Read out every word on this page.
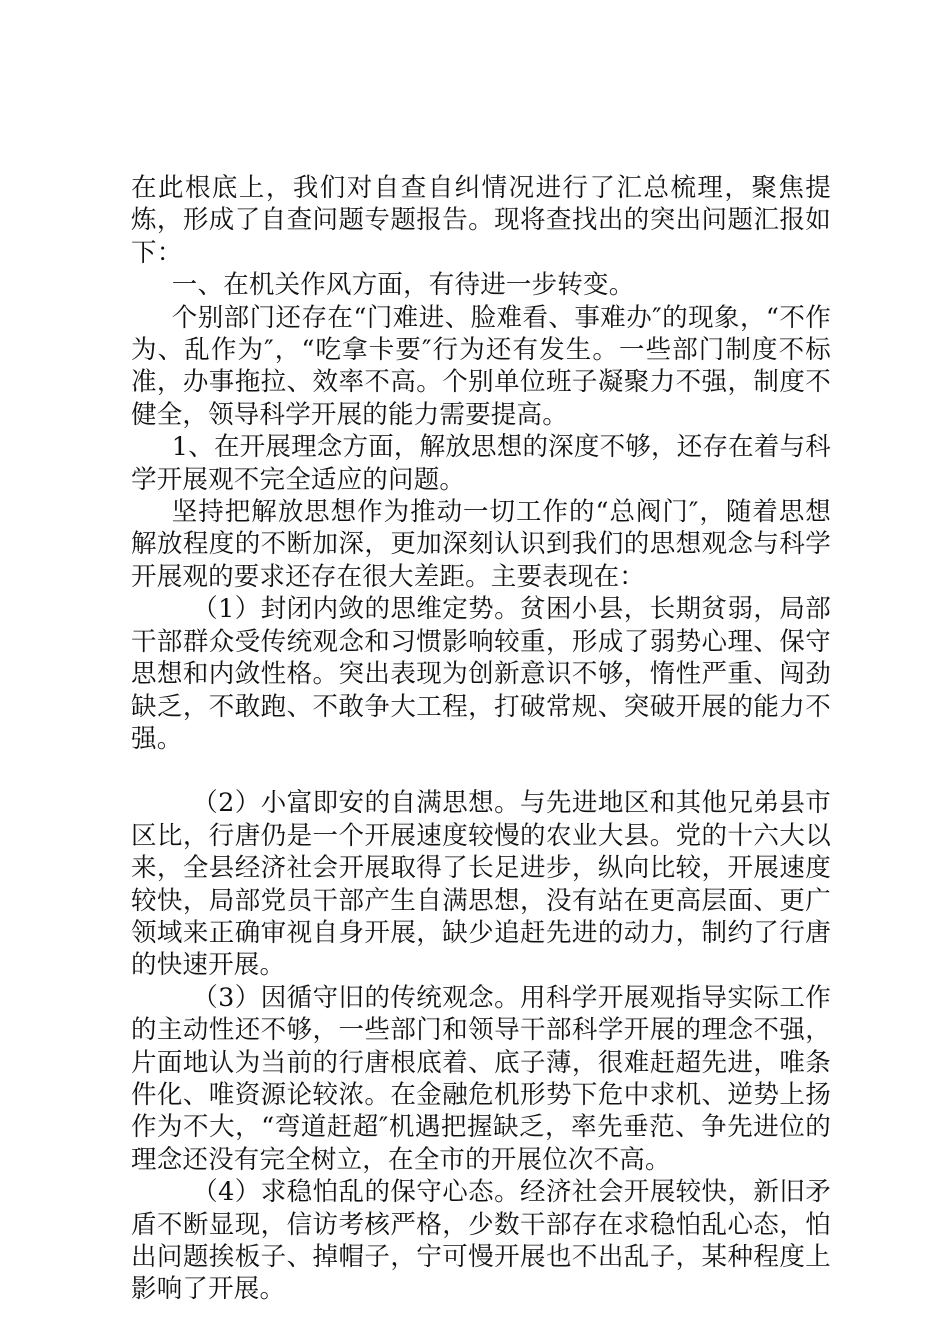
在此根底上，我们对自查自纠情况进行了汇总梳理，聚焦提炼，形成了自查问题专题报告。现将查找出的突出问题汇报如下：

一、在机关作风方面，有待进一步转变。

个别部门还存在“门难进、脸难看、事难办″的现象，“不作为、乱作为″，“吃拿卡要″行为还有发生。一些部门制度不标准，办事拖拉、效率不高。个别单位班子凝聚力不强，制度不健全，领导科学开展的能力需要提高。

1、在开展理念方面，解放思想的深度不够，还存在着与科学开展观不完全适应的问题。

坚持把解放思想作为推动一切工作的“总阀门″，随着思想解放程度的不断加深，更加深刻认识到我们的思想观念与科学开展观的要求还存在很大差距。主要表现在：

（1）封闭内敛的思维定势。贫困小县，长期贫弱，局部干部群众受传统观念和习惯影响较重，形成了弱势心理、保守思想和内敛性格。突出表现为创新意识不够，惰性严重、闯劲缺乏，不敢跑、不敢争大工程，打破常规、突破开展的能力不强。

（2）小富即安的自满思想。与先进地区和其他兄弟县市区比，行唐仍是一个开展速度较慢的农业大县。党的十六大以来，全县经济社会开展取得了长足进步，纵向比较，开展速度较快，局部党员干部产生自满思想，没有站在更高层面、更广领域来正确审视自身开展，缺少追赶先进的动力，制约了行唐的快速开展。

（3）因循守旧的传统观念。用科学开展观指导实际工作的主动性还不够，一些部门和领导干部科学开展的理念不强，片面地认为当前的行唐根底着、底子薄，很难赶超先进，唯条件化、唯资源论较浓。在金融危机形势下危中求机、逆势上扬作为不大，“弯道赶超″机遇把握缺乏，率先垂范、争先进位的理念还没有完全树立，在全市的开展位次不高。

（4）求稳怕乱的保守心态。经济社会开展较快，新旧矛盾不断显现，信访考核严格，少数干部存在求稳怕乱心态，怕出问题挨板子、掉帽子，宁可慢开展也不出乱子，某种程度上影响了开展。
